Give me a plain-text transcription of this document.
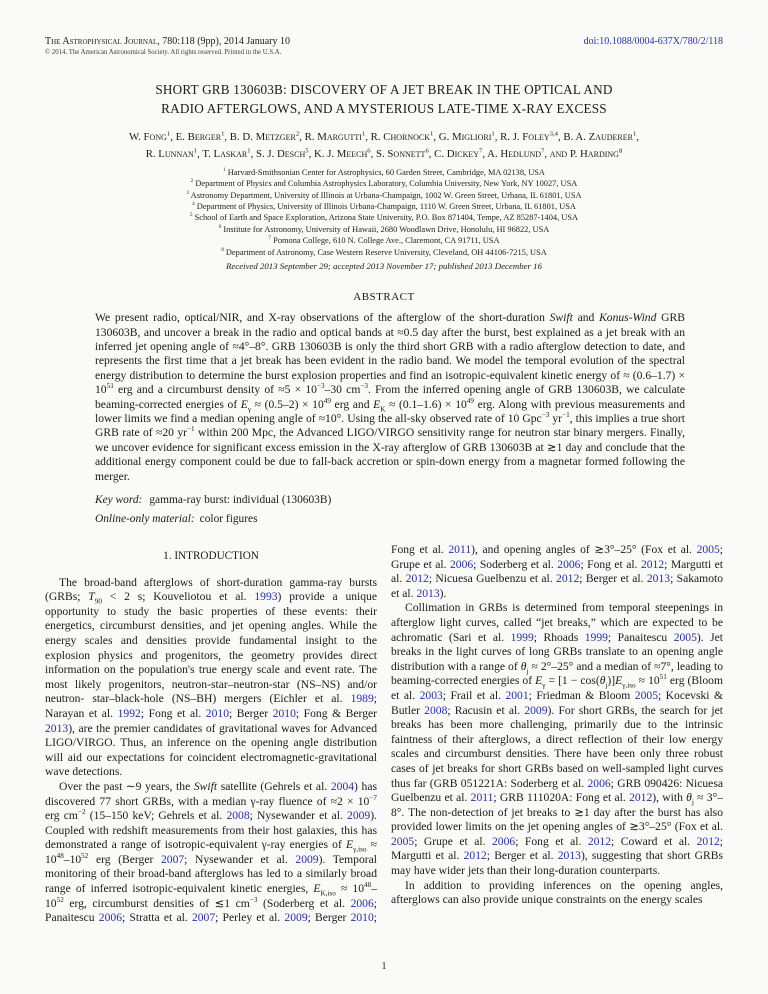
The Astrophysical Journal, 780:118 (9pp), 2014 January 10	doi:10.1088/0004-637X/780/2/118
© 2014. The American Astronomical Society. All rights reserved. Printed in the U.S.A.
SHORT GRB 130603B: DISCOVERY OF A JET BREAK IN THE OPTICAL AND
RADIO AFTERGLOWS, AND A MYSTERIOUS LATE-TIME X-RAY EXCESS
W. Fong$^1$, E. Berger$^1$, B. D. Metzger$^2$, R. Margutti$^1$, R. Chornock$^1$, G. Migliori$^1$, R. J. Foley$^{3,4}$, B. A. Zauderer$^1$,
R. Lunnan$^1$, T. Laskar$^1$, S. J. Desch$^5$, K. J. Meech$^6$, S. Sonnett$^6$, C. Dickey$^7$, A. Hedlund$^7$, and P. Harding$^8$
$^1$ Harvard-Smithsonian Center for Astrophysics, 60 Garden Street, Cambridge, MA 02138, USA
$^2$ Department of Physics and Columbia Astrophysics Laboratory, Columbia University, New York, NY 10027, USA
$^3$ Astronomy Department, University of Illinois at Urbana-Champaign, 1002 W. Green Street, Urbana, IL 61801, USA
$^4$ Department of Physics, University of Illinois Urbana-Champaign, 1110 W. Green Street, Urbana, IL 61801, USA
$^5$ School of Earth and Space Exploration, Arizona State University, P.O. Box 871404, Tempe, AZ 85287-1404, USA
$^6$ Institute for Astronomy, University of Hawaii, 2680 Woodlawn Drive, Honolulu, HI 96822, USA
$^7$ Pomona College, 610 N. College Ave., Claremont, CA 91711, USA
$^8$ Department of Astronomy, Case Western Reserve University, Cleveland, OH 44106-7215, USA
Received 2013 September 29; accepted 2013 November 17; published 2013 December 16
ABSTRACT
We present radio, optical/NIR, and X-ray observations of the afterglow of the short-duration Swift and Konus-Wind GRB 130603B, and uncover a break in the radio and optical bands at ≈0.5 day after the burst, best explained as a jet break with an inferred jet opening angle of ≈4°–8°. GRB 130603B is only the third short GRB with a radio afterglow detection to date, and represents the first time that a jet break has been evident in the radio band. We model the temporal evolution of the spectral energy distribution to determine the burst explosion properties and find an isotropic-equivalent kinetic energy of ≈ $(0.6-1.7) \times 10^{51}$ erg and a circumburst density of $\approx 5 \times 10^{-3}-30$ $cm^{-3}$. From the inferred opening angle of GRB 130603B, we calculate beaming-corrected energies of $E_\gamma \approx (0.5-2) \times 10^{49}$ erg and $E_K \approx (0.1-1.6) \times 10^{49}$ erg. Along with previous measurements and lower limits we find a median opening angle of ≈10°. Using the all-sky observed rate of 10 Gpc$^{-3}$ $yr^{-1}$, this implies a true short GRB rate of ≈20 $yr^{-1}$ within 200 Mpc, the Advanced LIGO/VIRGO sensitivity range for neutron star binary mergers. Finally, we uncover evidence for significant excess emission in the X-ray afterglow of GRB 130603B at ≳1 day and conclude that the additional energy component could be due to fall-back accretion or spin-down energy from a magnetar formed following the merger.
Key word: gamma-ray burst: individual (130603B)
Online-only material: color figures
1. INTRODUCTION

The broad-band afterglows of short-duration gamma-ray bursts (GRBs; $T_{90} < 2$ s; Kouveliotou et al. 1993) provide a unique opportunity to study the basic properties of these events: their energetics, circumburst densities, and jet opening angles. While the energy scales and densities provide fundamental insight to the explosion physics and progenitors, the geometry provides direct information on the population's true energy scale and event rate. The most likely progenitors, neutron-star–neutron-star (NS–NS) and/or neutron- star–black-hole (NS–BH) mergers (Eichler et al. 1989; Narayan et al. 1992; Fong et al. 2010; Berger 2010; Fong & Berger 2013), are the premier candidates of gravitational waves for Advanced LIGO/VIRGO. Thus, an inference on the opening angle distribution will aid our expectations for coincident electromagnetic-gravitational wave detections.

Over the past ∼9 years, the Swift satellite (Gehrels et al. 2004) has discovered 77 short GRBs, with a median γ-ray fluence of $\approx 2 \times 10^{-7}$ erg $cm^{-2}$ (15–150 keV; Gehrels et al. 2008; Nysewander et al. 2009). Coupled with redshift measurements from their host galaxies, this has demonstrated a range of isotropic-equivalent γ-ray energies of $E_{\gamma,iso} \approx 10^{48}-10^{52}$ erg (Berger 2007; Nysewander et al. 2009). Temporal monitoring of their broad-band afterglows has led to a similarly broad range of inferred isotropic-equivalent kinetic energies, $E_{K,iso} \approx 10^{48}-10^{52}$ erg, circumburst densities of ≲1 $cm^{-3}$ (Soderberg et al. 2006; Panaitescu 2006; Stratta et al. 2007; Perley et al. 2009; Berger 2010; Fong et al. 2011), and opening angles of ≳3°–25° (Fox et al. 2005; Grupe et al. 2006; Soderberg et al. 2006; Fong et al. 2012; Margutti et al. 2012; Nicuesa Guelbenzu et al. 2012; Berger et al. 2013; Sakamoto et al. 2013).

Collimation in GRBs is determined from temporal steepenings in afterglow light curves, called “jet breaks,” which are expected to be achromatic (Sari et al. 1999; Rhoads 1999; Panaitescu 2005). Jet breaks in the light curves of long GRBs translate to an opening angle distribution with a range of $\theta_j \approx 2^\circ-25^\circ$ and a median of ≈7°, leading to beaming-corrected energies of $E_\gamma = [1 - \cos(\theta_j)]E_{\gamma,iso} \approx 10^{51}$ erg (Bloom et al. 2003; Frail et al. 2001; Friedman & Bloom 2005; Kocevski & Butler 2008; Racusin et al. 2009). For short GRBs, the search for jet breaks has been more challenging, primarily due to the intrinsic faintness of their afterglows, a direct reflection of their low energy scales and circumburst densities. There have been only three robust cases of jet breaks for short GRBs based on well-sampled light curves thus far (GRB 051221A: Soderberg et al. 2006; GRB 090426: Nicuesa Guelbenzu et al. 2011; GRB 111020A: Fong et al. 2012), with $\theta_j \approx 3^\circ-8^\circ$. The non-detection of jet breaks to ≳1 day after the burst has also provided lower limits on the jet opening angles of ≳3°–25° (Fox et al. 2005; Grupe et al. 2006; Fong et al. 2012; Coward et al. 2012; Margutti et al. 2012; Berger et al. 2013), suggesting that short GRBs may have wider jets than their long-duration counterparts.

In addition to providing inferences on the opening angles, afterglows can also provide unique constraints on the energy scales

1
